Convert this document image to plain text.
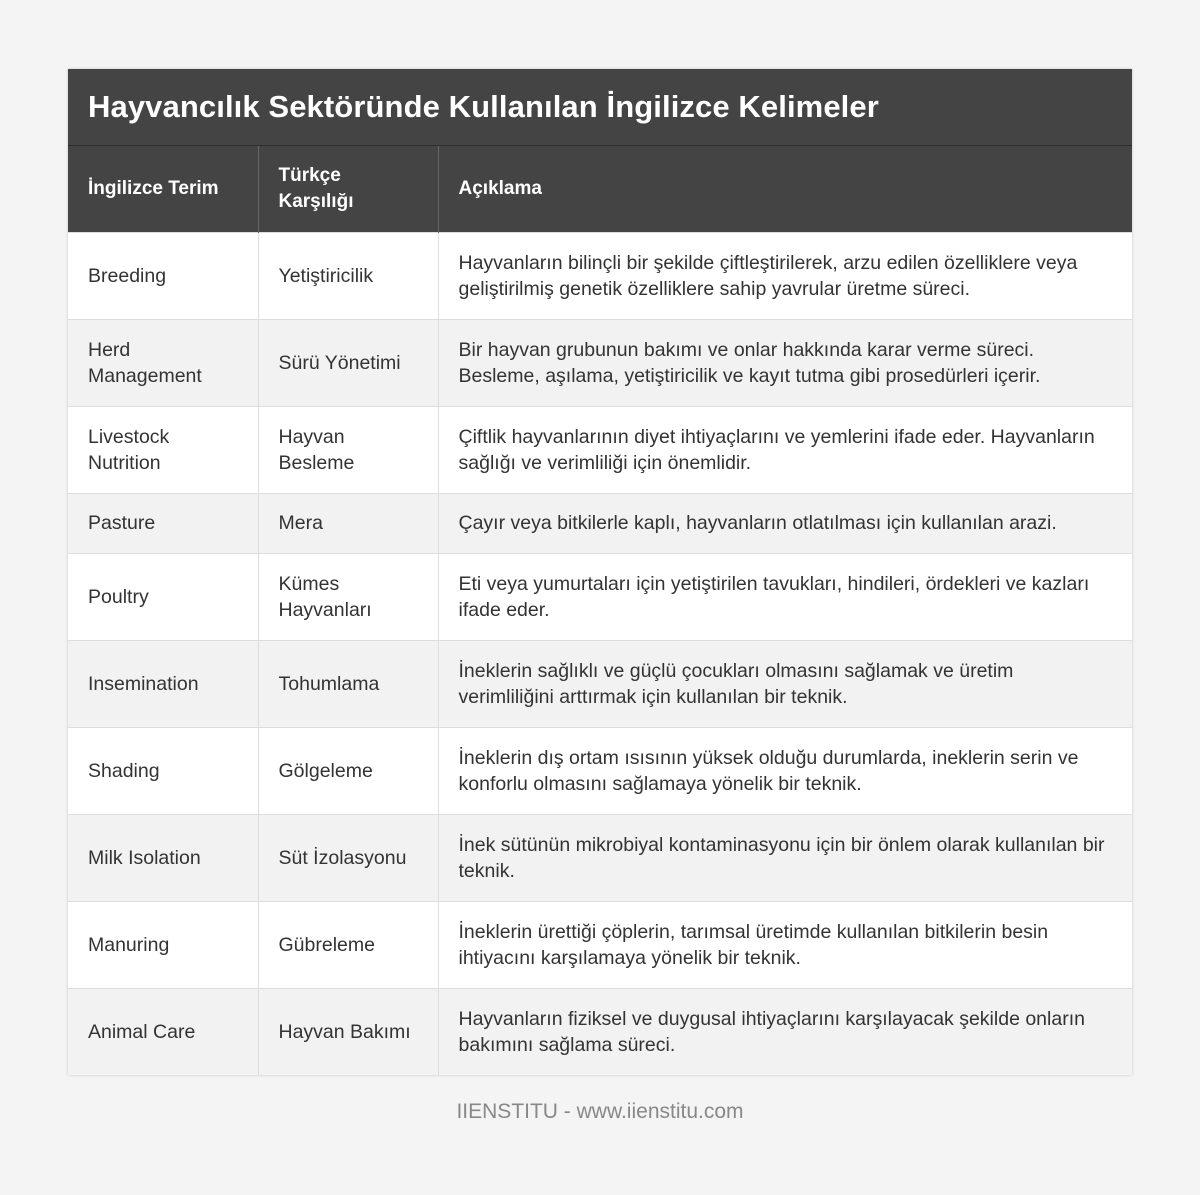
Hayvancılık Sektöründe Kullanılan İngilizce Kelimeler
İngilizce Terim	Türkçe Karşılığı	Açıklama
Breeding	Yetiştiricilik	Hayvanların bilinçli bir şekilde çiftleştirilerek, arzu edilen özelliklere veya geliştirilmiş genetik özelliklere sahip yavrular üretme süreci.
Herd Management	Sürü Yönetimi	Bir hayvan grubunun bakımı ve onlar hakkında karar verme süreci. Besleme, aşılama, yetiştiricilik ve kayıt tutma gibi prosedürleri içerir.
Livestock Nutrition	Hayvan Besleme	Çiftlik hayvanlarının diyet ihtiyaçlarını ve yemlerini ifade eder. Hayvanların sağlığı ve verimliliği için önemlidir.
Pasture	Mera	Çayır veya bitkilerle kaplı, hayvanların otlatılması için kullanılan arazi.
Poultry	Kümes Hayvanları	Eti veya yumurtaları için yetiştirilen tavukları, hindileri, ördekleri ve kazları ifade eder.
Insemination	Tohumlama	İneklerin sağlıklı ve güçlü çocukları olmasını sağlamak ve üretim verimliliğini arttırmak için kullanılan bir teknik.
Shading	Gölgeleme	İneklerin dış ortam ısısının yüksek olduğu durumlarda, ineklerin serin ve konforlu olmasını sağlamaya yönelik bir teknik.
Milk Isolation	Süt İzolasyonu	İnek sütünün mikrobiyal kontaminasyonu için bir önlem olarak kullanılan bir teknik.
Manuring	Gübreleme	İneklerin ürettiği çöplerin, tarımsal üretimde kullanılan bitkilerin besin ihtiyacını karşılamaya yönelik bir teknik.
Animal Care	Hayvan Bakımı	Hayvanların fiziksel ve duygusal ihtiyaçlarını karşılayacak şekilde onların bakımını sağlama süreci.
IIENSTITU - www.iienstitu.com
